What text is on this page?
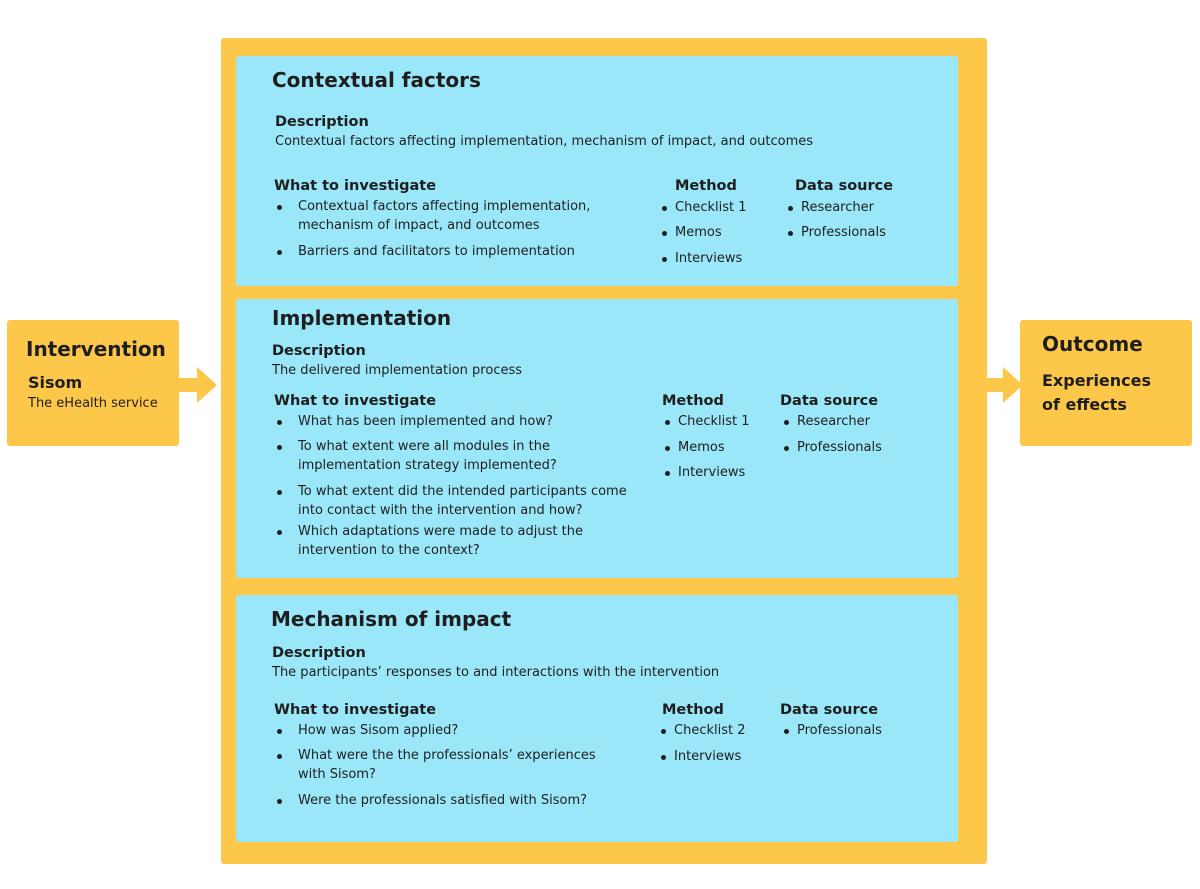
Intervention
Sisom
The eHealth service
Outcome
Experiences
of effects
Contextual factors
Description
Contextual factors affecting implementation, mechanism of impact, and outcomes
What to investigate
Contextual factors affecting implementation,
mechanism of impact, and outcomes
Barriers and facilitators to implementation
Method
Checklist 1
Memos
Interviews
Data source
Researcher
Professionals
Implementation
Description
The delivered implementation process
What to investigate
What has been implemented and how?
To what extent were all modules in the
implementation strategy implemented?
To what extent did the intended participants come
into contact with the intervention and how?
Which adaptations were made to adjust the
intervention to the context?
Method
Checklist 1
Memos
Interviews
Data source
Researcher
Professionals
Mechanism of impact
Description
The participants’ responses to and interactions with the intervention
What to investigate
How was Sisom applied?
What were the the professionals’ experiences
with Sisom?
Were the professionals satisfied with Sisom?
Method
Checklist 2
Interviews
Data source
Professionals
